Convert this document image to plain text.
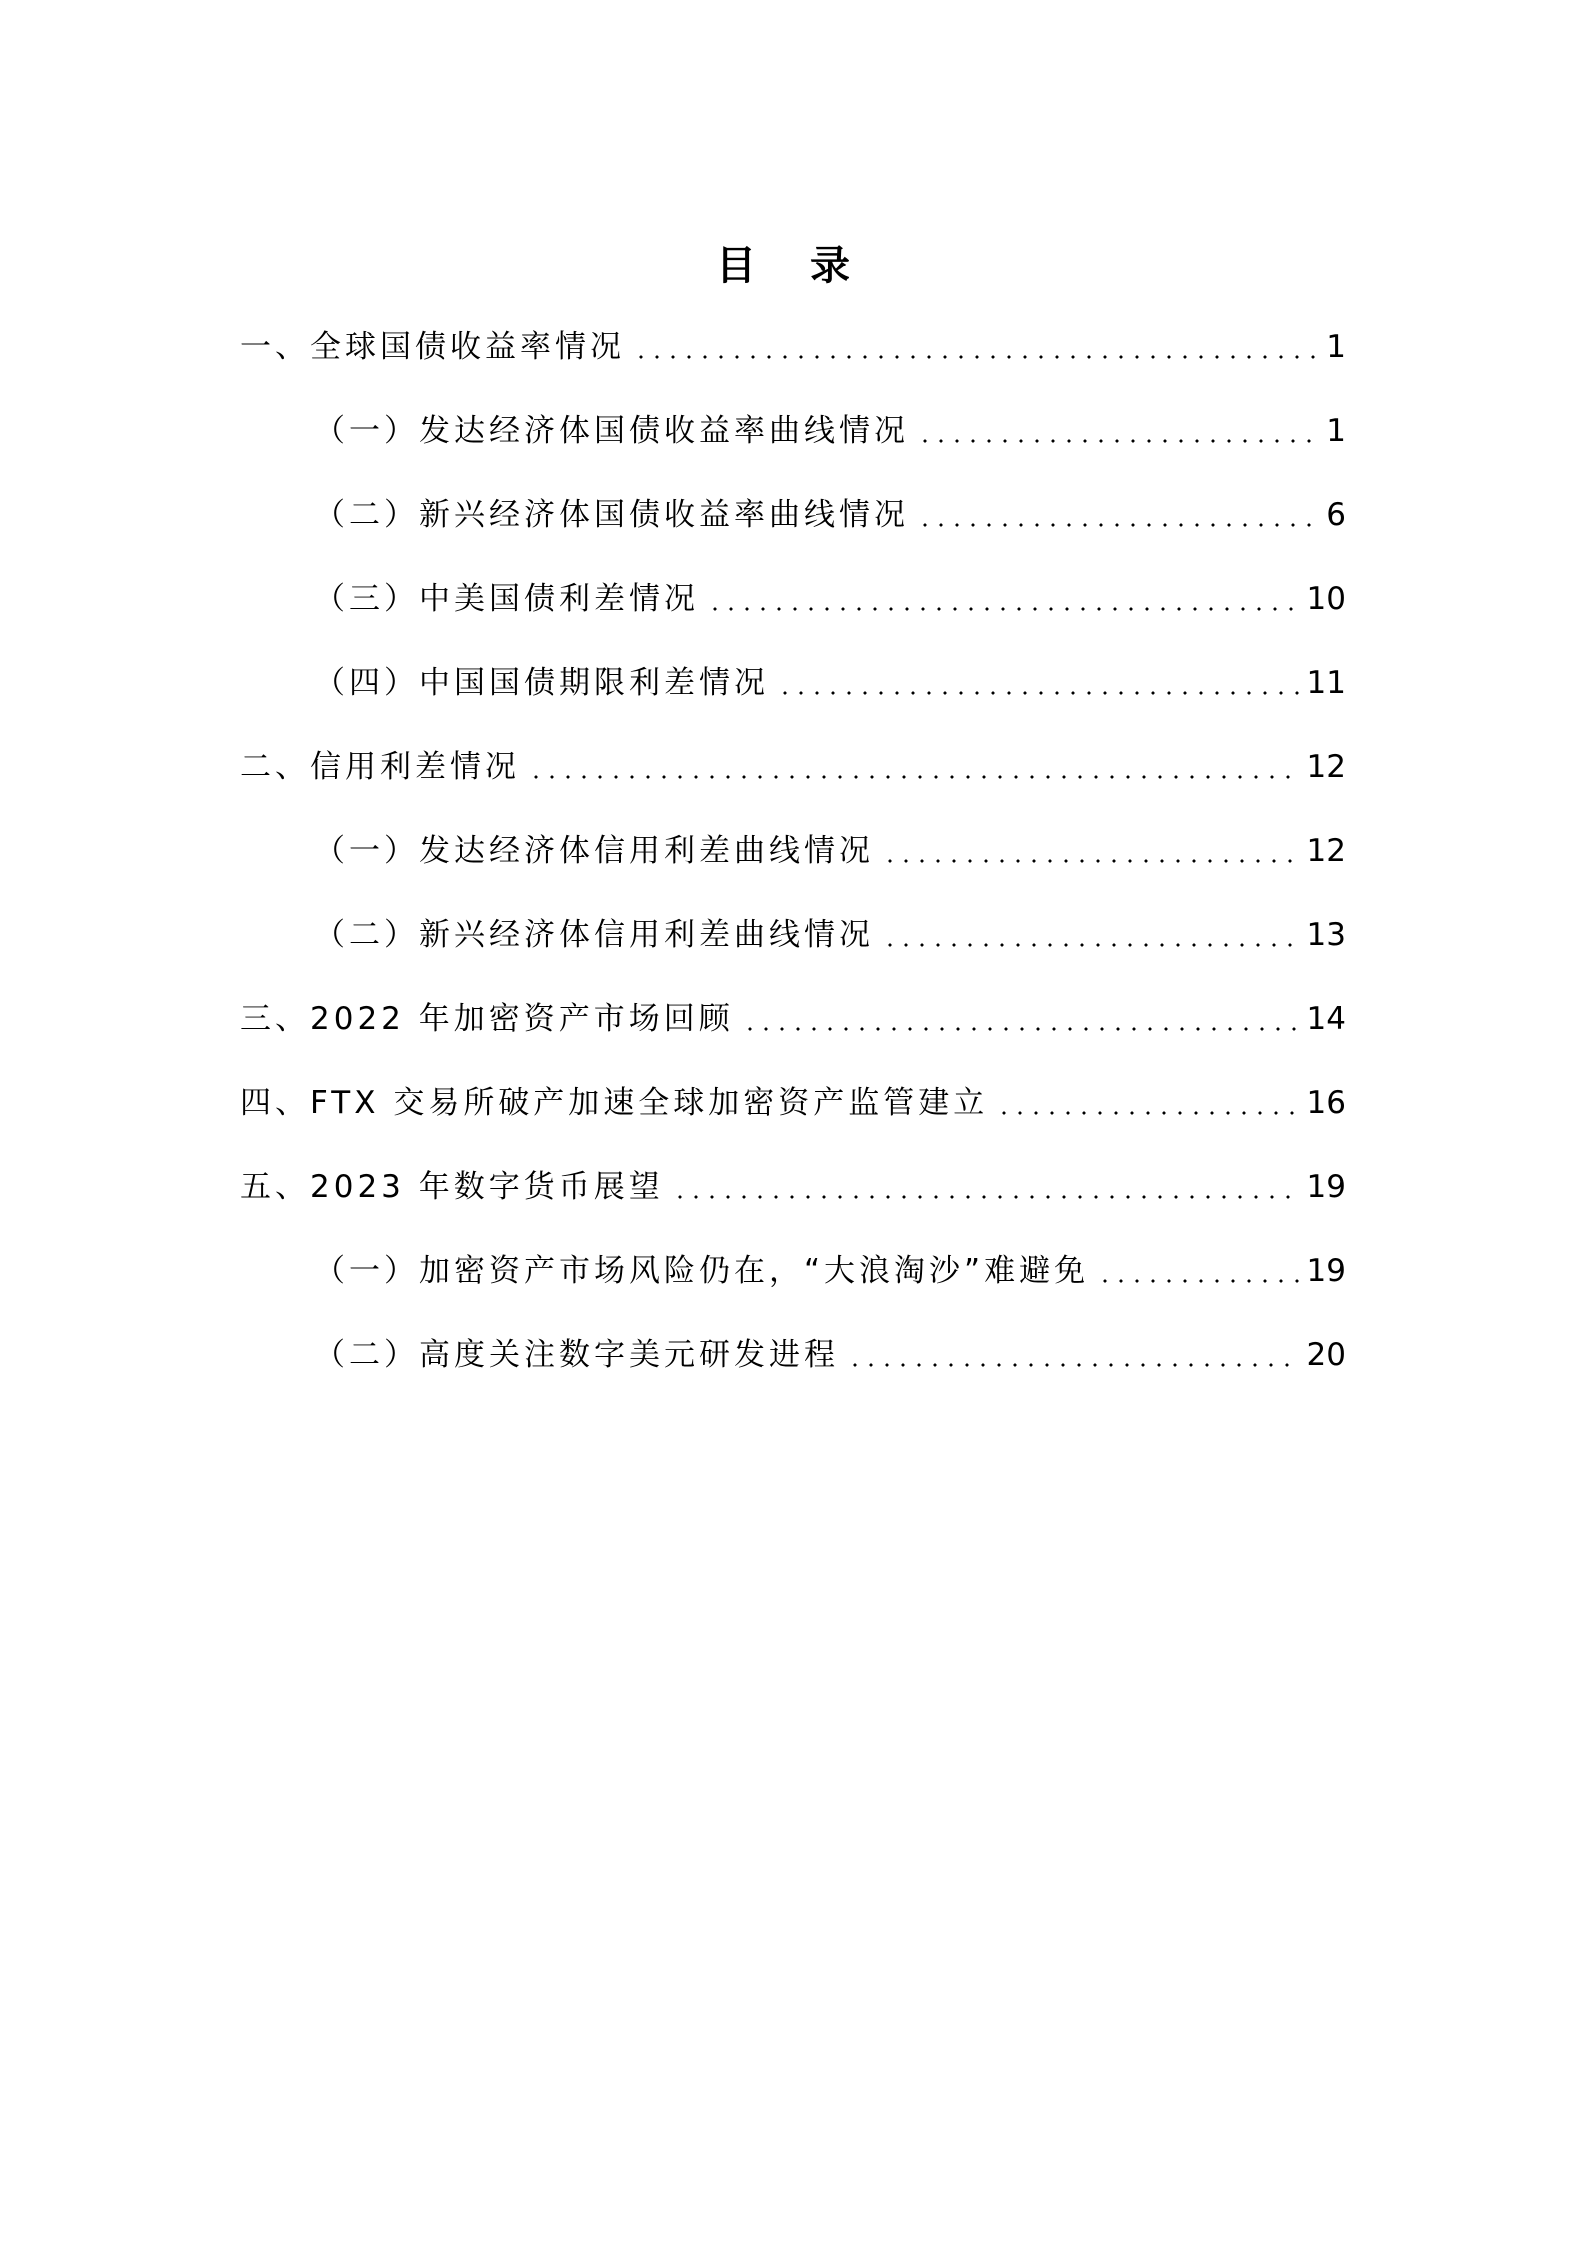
目 录
一、全球国债收益率情况	1
（一）发达经济体国债收益率曲线情况	1
（二）新兴经济体国债收益率曲线情况	6
（三）中美国债利差情况	10
（四）中国国债期限利差情况	11
二、信用利差情况	12
（一）发达经济体信用利差曲线情况	12
（二）新兴经济体信用利差曲线情况	13
三、2022 年加密资产市场回顾	14
四、FTX 交易所破产加速全球加密资产监管建立	16
五、2023 年数字货币展望	19
（一）加密资产市场风险仍在，“大浪淘沙”难避免	19
（二）高度关注数字美元研发进程	20
